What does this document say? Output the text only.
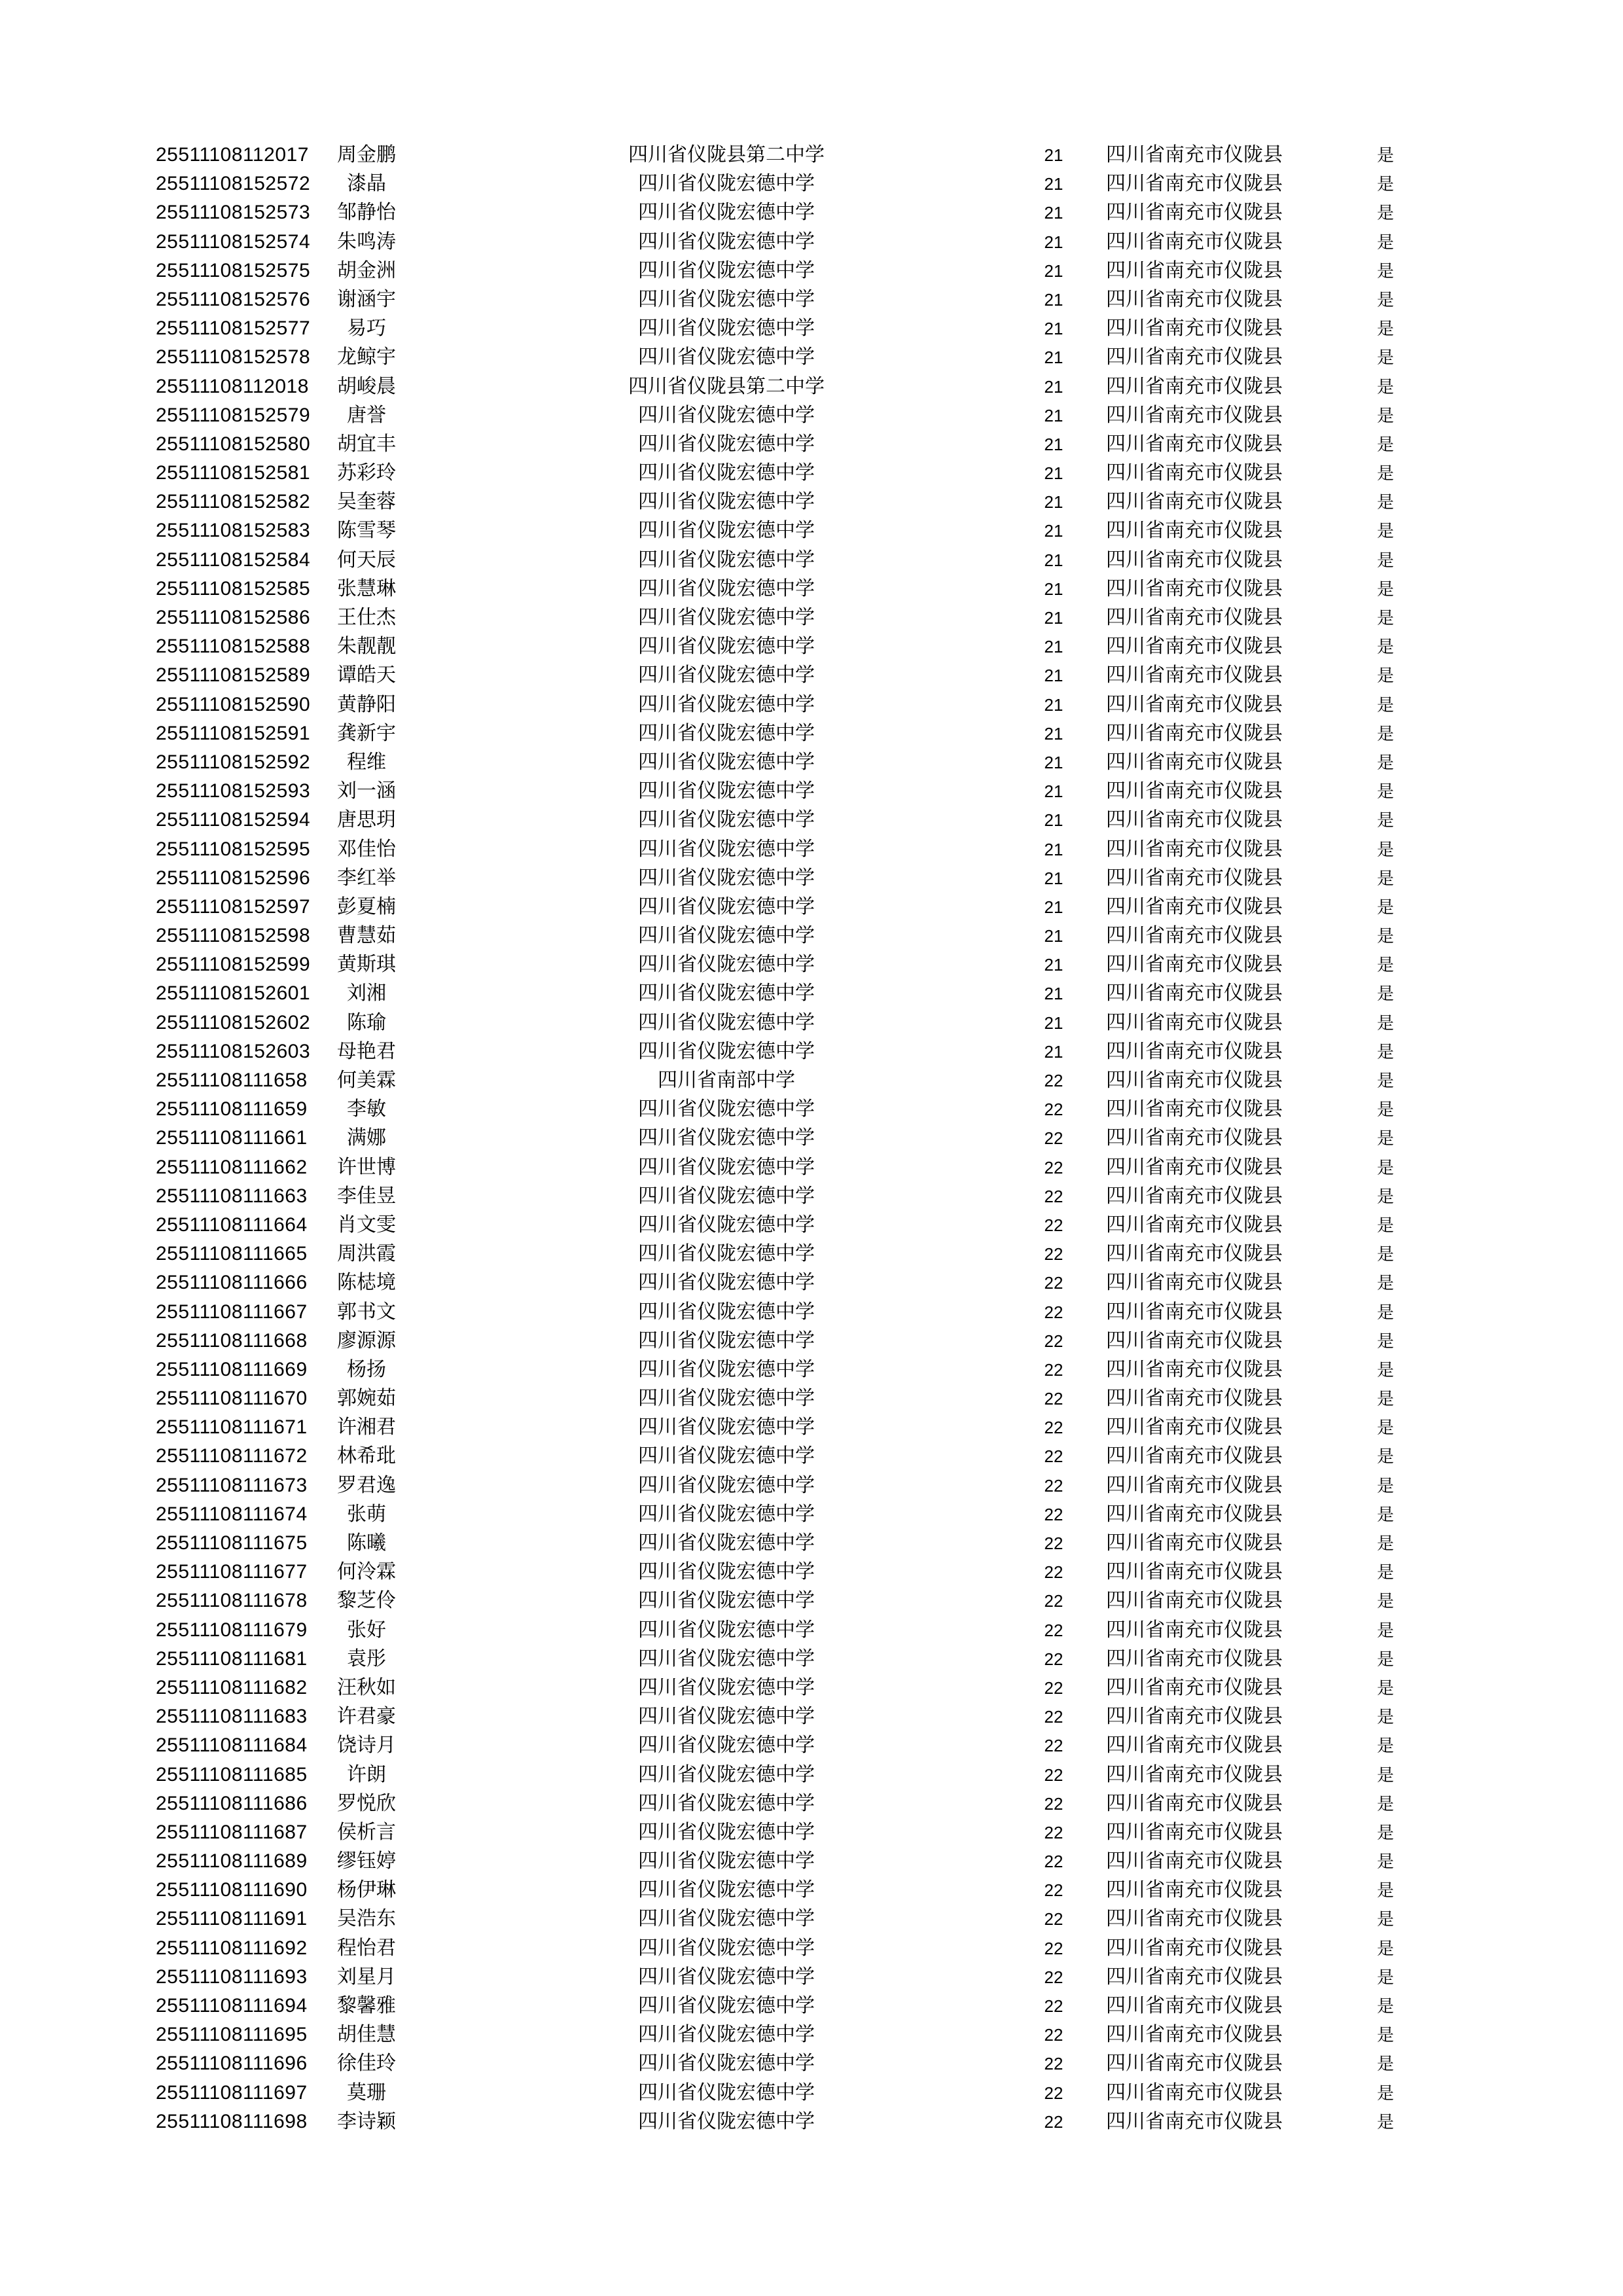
25511108112017	周金鹏	四川省仪陇县第二中学	21	四川省南充市仪陇县	是
25511108152572	漆晶	四川省仪陇宏德中学	21	四川省南充市仪陇县	是
25511108152573	邹静怡	四川省仪陇宏德中学	21	四川省南充市仪陇县	是
25511108152574	朱鸣涛	四川省仪陇宏德中学	21	四川省南充市仪陇县	是
25511108152575	胡金洲	四川省仪陇宏德中学	21	四川省南充市仪陇县	是
25511108152576	谢涵宇	四川省仪陇宏德中学	21	四川省南充市仪陇县	是
25511108152577	易巧	四川省仪陇宏德中学	21	四川省南充市仪陇县	是
25511108152578	龙鲸宇	四川省仪陇宏德中学	21	四川省南充市仪陇县	是
25511108112018	胡峻晨	四川省仪陇县第二中学	21	四川省南充市仪陇县	是
25511108152579	唐誉	四川省仪陇宏德中学	21	四川省南充市仪陇县	是
25511108152580	胡宜丰	四川省仪陇宏德中学	21	四川省南充市仪陇县	是
25511108152581	苏彩玲	四川省仪陇宏德中学	21	四川省南充市仪陇县	是
25511108152582	吴奎蓉	四川省仪陇宏德中学	21	四川省南充市仪陇县	是
25511108152583	陈雪琴	四川省仪陇宏德中学	21	四川省南充市仪陇县	是
25511108152584	何天辰	四川省仪陇宏德中学	21	四川省南充市仪陇县	是
25511108152585	张慧琳	四川省仪陇宏德中学	21	四川省南充市仪陇县	是
25511108152586	王仕杰	四川省仪陇宏德中学	21	四川省南充市仪陇县	是
25511108152588	朱靓靓	四川省仪陇宏德中学	21	四川省南充市仪陇县	是
25511108152589	谭皓天	四川省仪陇宏德中学	21	四川省南充市仪陇县	是
25511108152590	黄静阳	四川省仪陇宏德中学	21	四川省南充市仪陇县	是
25511108152591	龚新宇	四川省仪陇宏德中学	21	四川省南充市仪陇县	是
25511108152592	程维	四川省仪陇宏德中学	21	四川省南充市仪陇县	是
25511108152593	刘一涵	四川省仪陇宏德中学	21	四川省南充市仪陇县	是
25511108152594	唐思玥	四川省仪陇宏德中学	21	四川省南充市仪陇县	是
25511108152595	邓佳怡	四川省仪陇宏德中学	21	四川省南充市仪陇县	是
25511108152596	李红举	四川省仪陇宏德中学	21	四川省南充市仪陇县	是
25511108152597	彭夏楠	四川省仪陇宏德中学	21	四川省南充市仪陇县	是
25511108152598	曹慧茹	四川省仪陇宏德中学	21	四川省南充市仪陇县	是
25511108152599	黄斯琪	四川省仪陇宏德中学	21	四川省南充市仪陇县	是
25511108152601	刘湘	四川省仪陇宏德中学	21	四川省南充市仪陇县	是
25511108152602	陈瑜	四川省仪陇宏德中学	21	四川省南充市仪陇县	是
25511108152603	母艳君	四川省仪陇宏德中学	21	四川省南充市仪陇县	是
25511108111658	何美霖	四川省南部中学	22	四川省南充市仪陇县	是
25511108111659	李敏	四川省仪陇宏德中学	22	四川省南充市仪陇县	是
25511108111661	满娜	四川省仪陇宏德中学	22	四川省南充市仪陇县	是
25511108111662	许世博	四川省仪陇宏德中学	22	四川省南充市仪陇县	是
25511108111663	李佳昱	四川省仪陇宏德中学	22	四川省南充市仪陇县	是
25511108111664	肖文雯	四川省仪陇宏德中学	22	四川省南充市仪陇县	是
25511108111665	周洪霞	四川省仪陇宏德中学	22	四川省南充市仪陇县	是
25511108111666	陈梽境	四川省仪陇宏德中学	22	四川省南充市仪陇县	是
25511108111667	郭书文	四川省仪陇宏德中学	22	四川省南充市仪陇县	是
25511108111668	廖源源	四川省仪陇宏德中学	22	四川省南充市仪陇县	是
25511108111669	杨扬	四川省仪陇宏德中学	22	四川省南充市仪陇县	是
25511108111670	郭婉茹	四川省仪陇宏德中学	22	四川省南充市仪陇县	是
25511108111671	许湘君	四川省仪陇宏德中学	22	四川省南充市仪陇县	是
25511108111672	林希玭	四川省仪陇宏德中学	22	四川省南充市仪陇县	是
25511108111673	罗君逸	四川省仪陇宏德中学	22	四川省南充市仪陇县	是
25511108111674	张萌	四川省仪陇宏德中学	22	四川省南充市仪陇县	是
25511108111675	陈曦	四川省仪陇宏德中学	22	四川省南充市仪陇县	是
25511108111677	何泠霖	四川省仪陇宏德中学	22	四川省南充市仪陇县	是
25511108111678	黎芝伶	四川省仪陇宏德中学	22	四川省南充市仪陇县	是
25511108111679	张好	四川省仪陇宏德中学	22	四川省南充市仪陇县	是
25511108111681	袁彤	四川省仪陇宏德中学	22	四川省南充市仪陇县	是
25511108111682	汪秋如	四川省仪陇宏德中学	22	四川省南充市仪陇县	是
25511108111683	许君豪	四川省仪陇宏德中学	22	四川省南充市仪陇县	是
25511108111684	饶诗月	四川省仪陇宏德中学	22	四川省南充市仪陇县	是
25511108111685	许朗	四川省仪陇宏德中学	22	四川省南充市仪陇县	是
25511108111686	罗悦欣	四川省仪陇宏德中学	22	四川省南充市仪陇县	是
25511108111687	侯析言	四川省仪陇宏德中学	22	四川省南充市仪陇县	是
25511108111689	缪钰婷	四川省仪陇宏德中学	22	四川省南充市仪陇县	是
25511108111690	杨伊琳	四川省仪陇宏德中学	22	四川省南充市仪陇县	是
25511108111691	吴浩东	四川省仪陇宏德中学	22	四川省南充市仪陇县	是
25511108111692	程怡君	四川省仪陇宏德中学	22	四川省南充市仪陇县	是
25511108111693	刘星月	四川省仪陇宏德中学	22	四川省南充市仪陇县	是
25511108111694	黎馨雅	四川省仪陇宏德中学	22	四川省南充市仪陇县	是
25511108111695	胡佳慧	四川省仪陇宏德中学	22	四川省南充市仪陇县	是
25511108111696	徐佳玲	四川省仪陇宏德中学	22	四川省南充市仪陇县	是
25511108111697	莫珊	四川省仪陇宏德中学	22	四川省南充市仪陇县	是
25511108111698	李诗颖	四川省仪陇宏德中学	22	四川省南充市仪陇县	是
